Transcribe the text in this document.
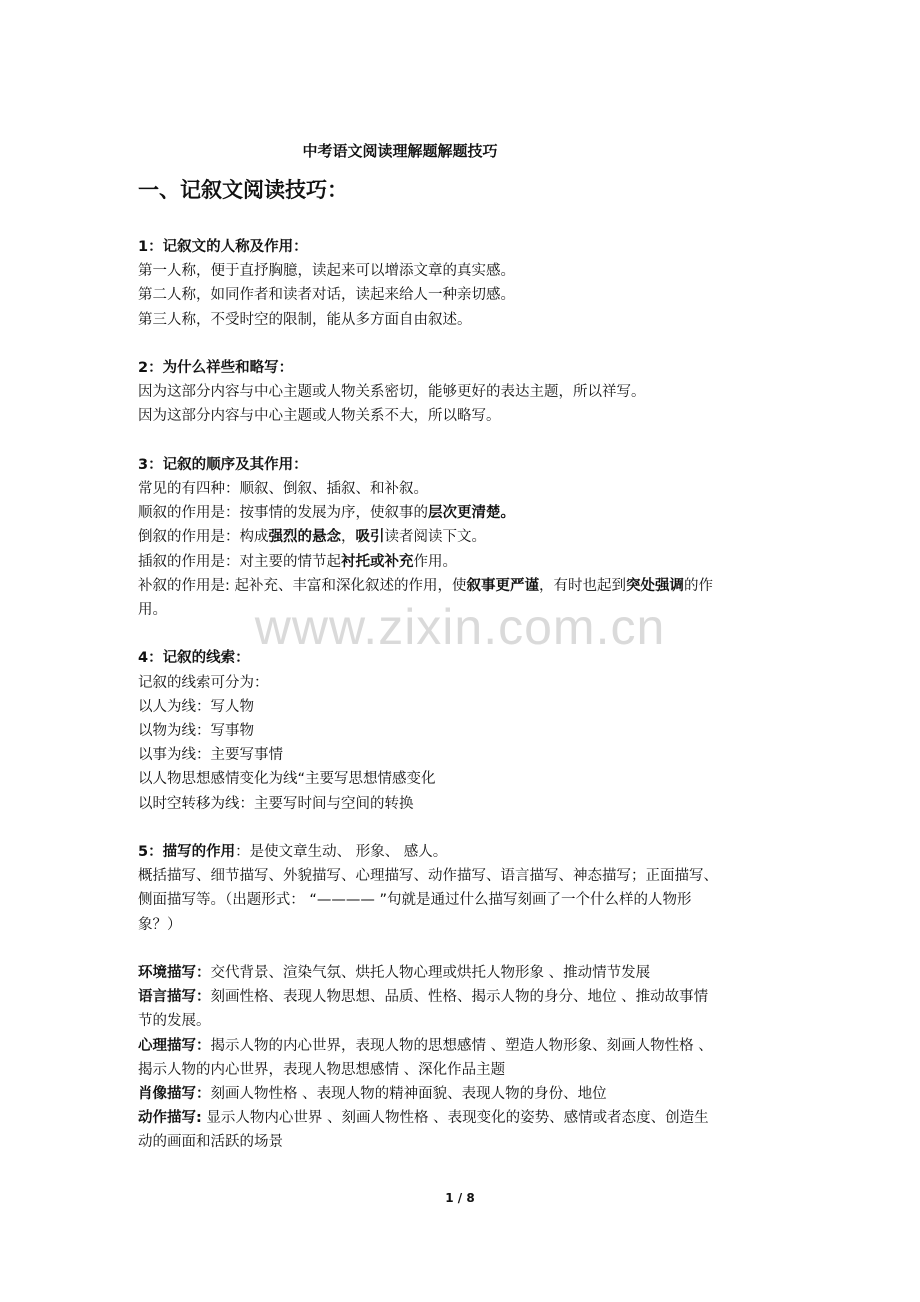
中考语文阅读理解题解题技巧
一、记叙文阅读技巧：

1：记叙文的人称及作用：

第一人称，便于直抒胸臆，读起来可以增添文章的真实感。

第二人称，如同作者和读者对话，读起来给人一种亲切感。

第三人称，不受时空的限制，能从多方面自由叙述。

2：为什么祥些和略写：

因为这部分内容与中心主题或人物关系密切，能够更好的表达主题，所以祥写。

因为这部分内容与中心主题或人物关系不大，所以略写。

3：记叙的顺序及其作用：

常见的有四种：顺叙、倒叙、插叙、和补叙。

顺叙的作用是：按事情的发展为序，使叙事的层次更清楚。

倒叙的作用是：构成强烈的悬念，吸引读者阅读下文。

插叙的作用是：对主要的情节起衬托或补充作用。

补叙的作用是: 起补充、丰富和深化叙述的作用，使叙事更严谨，有时也起到突处强调的作

用。

4：记叙的线索：

记叙的线索可分为：

以人为线：写人物

以物为线：写事物

以事为线：主要写事情

以人物思想感情变化为线“主要写思想情感变化

以时空转移为线：主要写时间与空间的转换

5：描写的作用：是使文章生动、 形象、 感人。

概括描写、细节描写、外貌描写、心理描写、动作描写、语言描写、神态描写；正面描写、

侧面描写等。（出题形式： “———— ”句就是通过什么描写刻画了一个什么样的人物形

象？）

环境描写：交代背景、渲染气氛、烘托人物心理或烘托人物形象 、推动情节发展

语言描写：刻画性格、表现人物思想、品质、性格、揭示人物的身分、地位 、推动故事情

节的发展。

心理描写：揭示人物的内心世界，表现人物的思想感情 、塑造人物形象、刻画人物性格 、

揭示人物的内心世界，表现人物思想感情 、深化作品主题

肖像描写：刻画人物性格 、表现人物的精神面貌、表现人物的身份、地位

动作描写: 显示人物内心世界 、刻画人物性格 、表现变化的姿势、感情或者态度、创造生

动的画面和活跃的场景

www.zixin.com.cn
1 / 8
